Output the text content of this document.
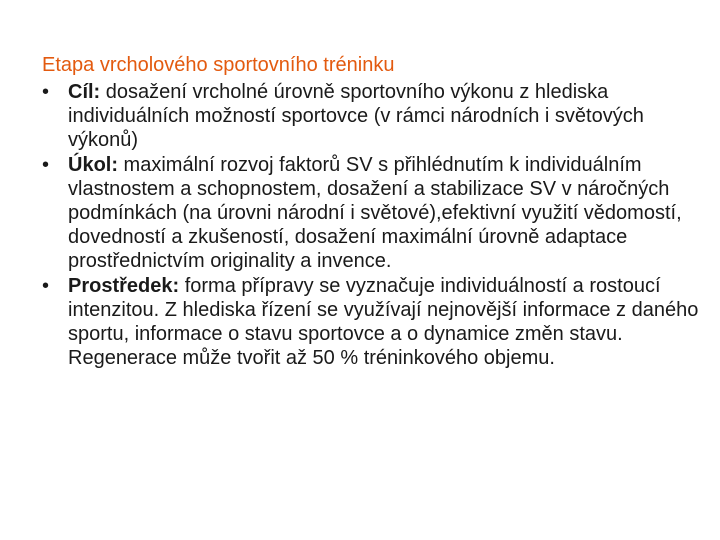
Etapa vrcholového sportovního tréninku
• Cíl: dosažení vrcholné úrovně sportovního výkonu z hlediska individuálních možností sportovce (v rámci národních i světových výkonů)
• Úkol: maximální rozvoj faktorů SV s přihlédnutím k individuálním vlastnostem a schopnostem, dosažení a stabilizace SV v náročných podmínkách (na úrovni národní i světové),efektivní využití vědomostí, dovedností a zkušeností, dosažení maximální úrovně adaptace prostřednictvím originality a invence.
• Prostředek: forma přípravy se vyznačuje individuálností a rostoucí intenzitou. Z hlediska řízení se využívají nejnovější informace z daného sportu, informace o stavu sportovce a o dynamice změn stavu. Regenerace může tvořit až 50 % tréninkového objemu.
